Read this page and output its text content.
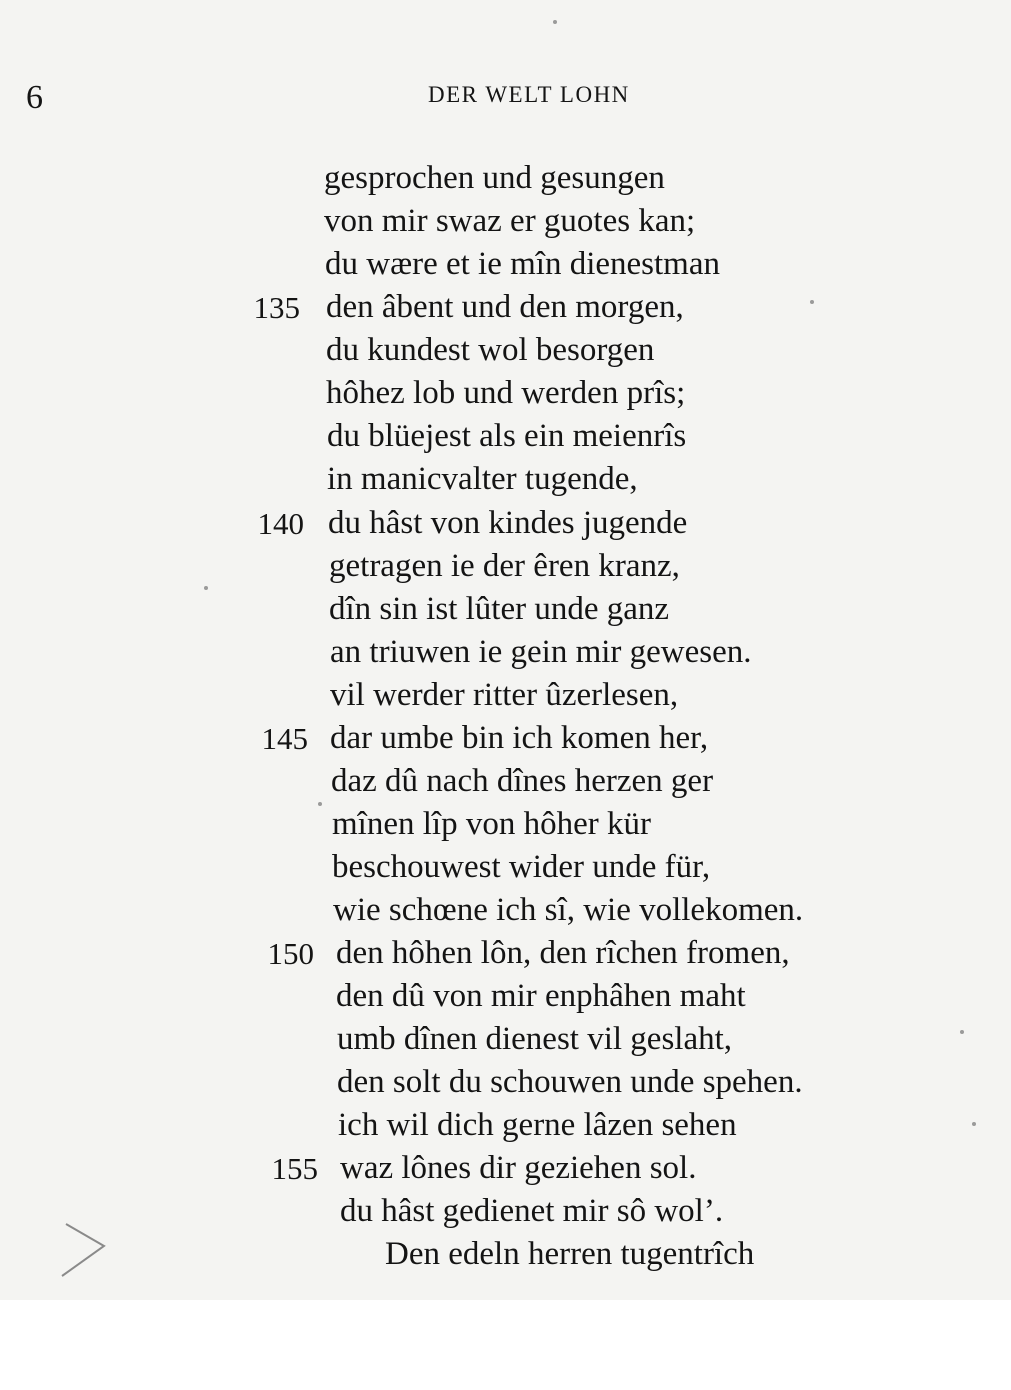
6	DER WELT LOHN
gesprochen und gesungen
von mir swaz er guotes kan;
du wære et ie mîn dienestman
135 den âbent und den morgen,
du kundest wol besorgen
hôhez lob und werden prîs;
du blüejest als ein meienrîs
in manicvalter tugende,
140 du hâst von kindes jugende
getragen ie der êren kranz,
dîn sin ist lûter unde ganz
an triuwen ie gein mir gewesen.
vil werder ritter ûzerlesen,
145 dar umbe bin ich komen her,
daz dû nach dînes herzen ger
mînen lîp von hôher kür
beschouwest wider unde für,
wie schœne ich sî, wie vollekomen.
150 den hôhen lôn, den rîchen fromen,
den dû von mir enphâhen maht
umb dînen dienest vil geslaht,
den solt du schouwen unde spehen.
ich wil dich gerne lâzen sehen
155 waz lônes dir geziehen sol.
du hâst gedienet mir sô wol’.
Den edeln herren tugentrîch
